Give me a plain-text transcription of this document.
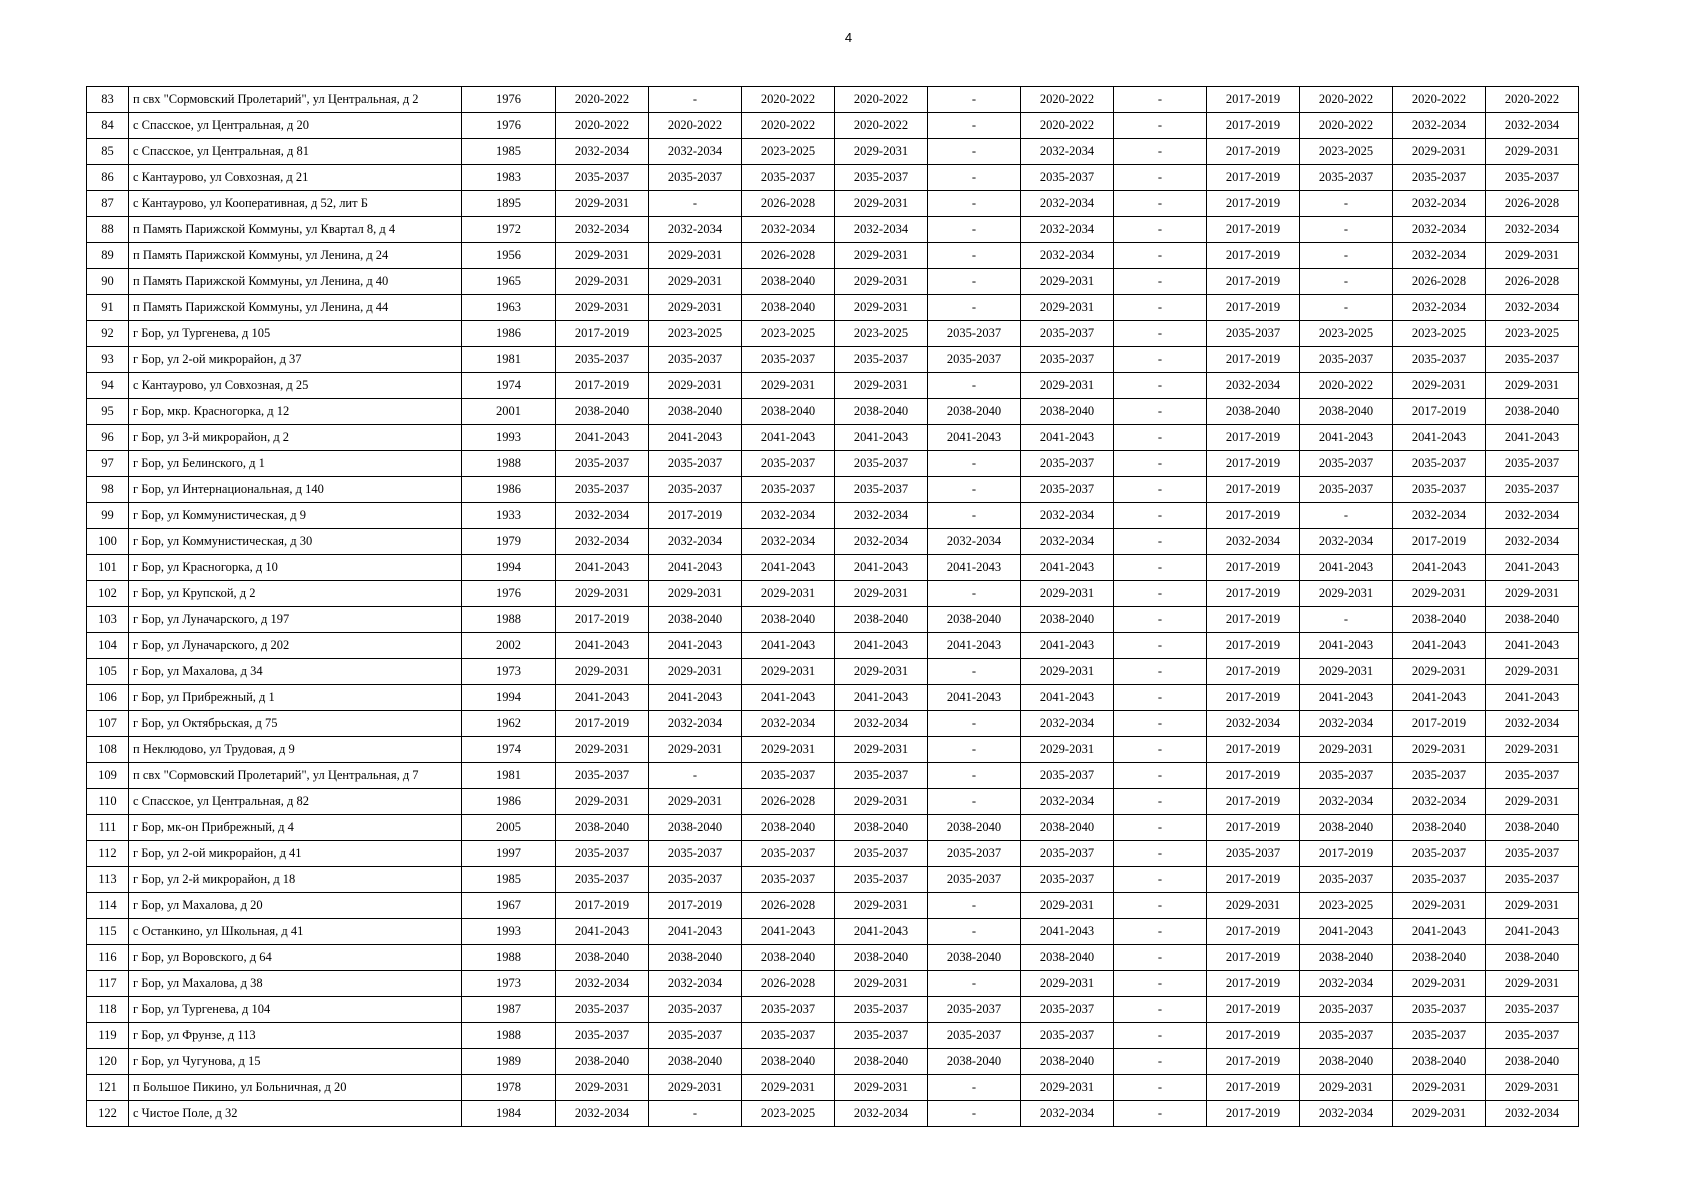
4
83	п свх "Сормовский Пролетарий", ул Центральная, д 2	1976	2020-2022	-	2020-2022	2020-2022	-	2020-2022	-	2017-2019	2020-2022	2020-2022	2020-2022
84	с Спасское, ул Центральная, д 20	1976	2020-2022	2020-2022	2020-2022	2020-2022	-	2020-2022	-	2017-2019	2020-2022	2032-2034	2032-2034
85	с Спасское, ул Центральная, д 81	1985	2032-2034	2032-2034	2023-2025	2029-2031	-	2032-2034	-	2017-2019	2023-2025	2029-2031	2029-2031
86	с Кантаурово, ул Совхозная, д 21	1983	2035-2037	2035-2037	2035-2037	2035-2037	-	2035-2037	-	2017-2019	2035-2037	2035-2037	2035-2037
87	с Кантаурово, ул Кооперативная, д 52, лит Б	1895	2029-2031	-	2026-2028	2029-2031	-	2032-2034	-	2017-2019	-	2032-2034	2026-2028
88	п Память Парижской Коммуны, ул Квартал 8, д 4	1972	2032-2034	2032-2034	2032-2034	2032-2034	-	2032-2034	-	2017-2019	-	2032-2034	2032-2034
89	п Память Парижской Коммуны, ул Ленина, д 24	1956	2029-2031	2029-2031	2026-2028	2029-2031	-	2032-2034	-	2017-2019	-	2032-2034	2029-2031
90	п Память Парижской Коммуны, ул Ленина, д 40	1965	2029-2031	2029-2031	2038-2040	2029-2031	-	2029-2031	-	2017-2019	-	2026-2028	2026-2028
91	п Память Парижской Коммуны, ул Ленина, д 44	1963	2029-2031	2029-2031	2038-2040	2029-2031	-	2029-2031	-	2017-2019	-	2032-2034	2032-2034
92	г Бор, ул Тургенева, д 105	1986	2017-2019	2023-2025	2023-2025	2023-2025	2035-2037	2035-2037	-	2035-2037	2023-2025	2023-2025	2023-2025
93	г Бор, ул 2-ой микрорайон, д 37	1981	2035-2037	2035-2037	2035-2037	2035-2037	2035-2037	2035-2037	-	2017-2019	2035-2037	2035-2037	2035-2037
94	с Кантаурово, ул Совхозная, д 25	1974	2017-2019	2029-2031	2029-2031	2029-2031	-	2029-2031	-	2032-2034	2020-2022	2029-2031	2029-2031
95	г Бор, мкр. Красногорка, д 12	2001	2038-2040	2038-2040	2038-2040	2038-2040	2038-2040	2038-2040	-	2038-2040	2038-2040	2017-2019	2038-2040
96	г Бор, ул 3-й микрорайон, д 2	1993	2041-2043	2041-2043	2041-2043	2041-2043	2041-2043	2041-2043	-	2017-2019	2041-2043	2041-2043	2041-2043
97	г Бор, ул Белинского, д 1	1988	2035-2037	2035-2037	2035-2037	2035-2037	-	2035-2037	-	2017-2019	2035-2037	2035-2037	2035-2037
98	г Бор, ул Интернациональная, д 140	1986	2035-2037	2035-2037	2035-2037	2035-2037	-	2035-2037	-	2017-2019	2035-2037	2035-2037	2035-2037
99	г Бор, ул Коммунистическая, д 9	1933	2032-2034	2017-2019	2032-2034	2032-2034	-	2032-2034	-	2017-2019	-	2032-2034	2032-2034
100	г Бор, ул Коммунистическая, д 30	1979	2032-2034	2032-2034	2032-2034	2032-2034	2032-2034	2032-2034	-	2032-2034	2032-2034	2017-2019	2032-2034
101	г Бор, ул Красногорка, д 10	1994	2041-2043	2041-2043	2041-2043	2041-2043	2041-2043	2041-2043	-	2017-2019	2041-2043	2041-2043	2041-2043
102	г Бор, ул Крупской, д 2	1976	2029-2031	2029-2031	2029-2031	2029-2031	-	2029-2031	-	2017-2019	2029-2031	2029-2031	2029-2031
103	г Бор, ул Луначарского, д 197	1988	2017-2019	2038-2040	2038-2040	2038-2040	2038-2040	2038-2040	-	2017-2019	-	2038-2040	2038-2040
104	г Бор, ул Луначарского, д 202	2002	2041-2043	2041-2043	2041-2043	2041-2043	2041-2043	2041-2043	-	2017-2019	2041-2043	2041-2043	2041-2043
105	г Бор, ул Махалова, д 34	1973	2029-2031	2029-2031	2029-2031	2029-2031	-	2029-2031	-	2017-2019	2029-2031	2029-2031	2029-2031
106	г Бор, ул Прибрежный, д 1	1994	2041-2043	2041-2043	2041-2043	2041-2043	2041-2043	2041-2043	-	2017-2019	2041-2043	2041-2043	2041-2043
107	г Бор, ул Октябрьская, д 75	1962	2017-2019	2032-2034	2032-2034	2032-2034	-	2032-2034	-	2032-2034	2032-2034	2017-2019	2032-2034
108	п Неклюдово, ул Трудовая, д 9	1974	2029-2031	2029-2031	2029-2031	2029-2031	-	2029-2031	-	2017-2019	2029-2031	2029-2031	2029-2031
109	п свх "Сормовский Пролетарий", ул Центральная, д 7	1981	2035-2037	-	2035-2037	2035-2037	-	2035-2037	-	2017-2019	2035-2037	2035-2037	2035-2037
110	с Спасское, ул Центральная, д 82	1986	2029-2031	2029-2031	2026-2028	2029-2031	-	2032-2034	-	2017-2019	2032-2034	2032-2034	2029-2031
111	г Бор, мк-он Прибрежный, д 4	2005	2038-2040	2038-2040	2038-2040	2038-2040	2038-2040	2038-2040	-	2017-2019	2038-2040	2038-2040	2038-2040
112	г Бор, ул 2-ой микрорайон, д 41	1997	2035-2037	2035-2037	2035-2037	2035-2037	2035-2037	2035-2037	-	2035-2037	2017-2019	2035-2037	2035-2037
113	г Бор, ул 2-й микрорайон, д 18	1985	2035-2037	2035-2037	2035-2037	2035-2037	2035-2037	2035-2037	-	2017-2019	2035-2037	2035-2037	2035-2037
114	г Бор, ул Махалова, д 20	1967	2017-2019	2017-2019	2026-2028	2029-2031	-	2029-2031	-	2029-2031	2023-2025	2029-2031	2029-2031
115	с Останкино, ул Школьная, д 41	1993	2041-2043	2041-2043	2041-2043	2041-2043	-	2041-2043	-	2017-2019	2041-2043	2041-2043	2041-2043
116	г Бор, ул Воровского, д 64	1988	2038-2040	2038-2040	2038-2040	2038-2040	2038-2040	2038-2040	-	2017-2019	2038-2040	2038-2040	2038-2040
117	г Бор, ул Махалова, д 38	1973	2032-2034	2032-2034	2026-2028	2029-2031	-	2029-2031	-	2017-2019	2032-2034	2029-2031	2029-2031
118	г Бор, ул Тургенева, д 104	1987	2035-2037	2035-2037	2035-2037	2035-2037	2035-2037	2035-2037	-	2017-2019	2035-2037	2035-2037	2035-2037
119	г Бор, ул Фрунзе, д 113	1988	2035-2037	2035-2037	2035-2037	2035-2037	2035-2037	2035-2037	-	2017-2019	2035-2037	2035-2037	2035-2037
120	г Бор, ул Чугунова, д 15	1989	2038-2040	2038-2040	2038-2040	2038-2040	2038-2040	2038-2040	-	2017-2019	2038-2040	2038-2040	2038-2040
121	п Большое Пикино, ул Больничная, д 20	1978	2029-2031	2029-2031	2029-2031	2029-2031	-	2029-2031	-	2017-2019	2029-2031	2029-2031	2029-2031
122	с Чистое Поле, д 32	1984	2032-2034	-	2023-2025	2032-2034	-	2032-2034	-	2017-2019	2032-2034	2029-2031	2032-2034
